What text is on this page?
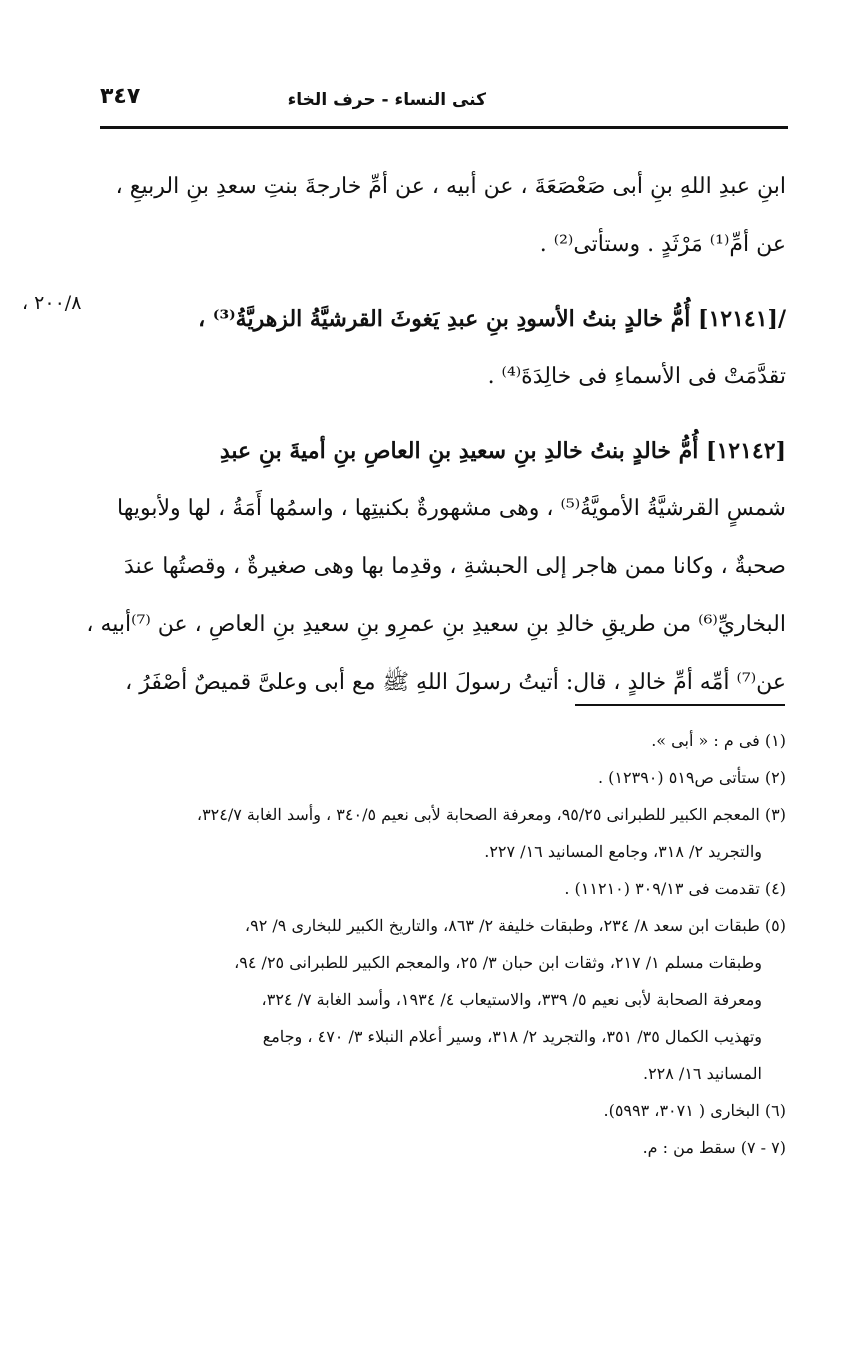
كنى النساء - حرف الخاء
٣٤٧
٢٠٠/٨ ،
ابنِ عبدِ اللهِ بنِ أبى صَعْصَعَةَ ، عن أبيه ، عن أمِّ خارجةَ بنتِ سعدِ بنِ الربيعِ ،
عن أمِّ⁽¹⁾ مَرْثَدٍ . وستأتى⁽²⁾ .
/[١٢١٤١] أُمُّ خالدٍ بنتُ الأسودِ بنِ عبدِ يَغوثَ القرشيَّةُ الزهريَّةُ⁽³⁾ ،
تقدَّمَتْ فى الأسماءِ فى خالِدَةَ⁽⁴⁾ .
[١٢١٤٢] أُمُّ خالدٍ بنتُ خالدِ بنِ سعيدِ بنِ العاصِ بنِ أميةَ بنِ عبدِ
شمسٍ القرشيَّةُ الأمويَّةُ⁽⁵⁾ ، وهى مشهورةٌ بكنيتِها ، واسمُها أَمَةُ ، لها ولأبويها
صحبةٌ ، وكانا ممن هاجر إلى الحبشةِ ، وقدِما بها وهى صغيرةٌ ، وقصتُها عندَ
البخاريِّ⁽⁶⁾ من طريقِ خالدِ بنِ سعيدِ بنِ عمرِو بنِ سعيدِ بنِ العاصِ ، عن ⁽⁷⁾أبيه ،
عن⁽⁷⁾ أمِّه أمِّ خالدٍ ، قال: أتيتُ رسولَ اللهِ ﷺ مع أبى وعلىَّ قميصٌ أصْفَرُ ،
(١) فى م : « أبى ».
(٢) ستأتى ص٥١٩ (١٢٣٩٠) .
(٣) المعجم الكبير للطبرانى ٩٥/٢٥، ومعرفة الصحابة لأبى نعيم ٣٤٠/٥ ، وأسد الغابة ٣٢٤/٧،
والتجريد ٢/ ٣١٨، وجامع المسانيد ١٦/ ٢٢٧.
(٤) تقدمت فى ٣٠٩/١٣ (١١٢١٠) .
(٥) طبقات ابن سعد ٨/ ٢٣٤، وطبقات خليفة ٢/ ٨٦٣، والتاريخ الكبير للبخارى ٩/ ٩٢،
وطبقات مسلم ١/ ٢١٧، وثقات ابن حبان ٣/ ٢٥، والمعجم الكبير للطبرانى ٢٥/ ٩٤،
ومعرفة الصحابة لأبى نعيم ٥/ ٣٣٩، والاستيعاب ٤/ ١٩٣٤، وأسد الغابة ٧/ ٣٢٤،
وتهذيب الكمال ٣٥/ ٣٥١، والتجريد ٢/ ٣١٨، وسير أعلام النبلاء ٣/ ٤٧٠ ، وجامع
المسانيد ١٦/ ٢٢٨.
(٦) البخارى ( ٣٠٧١، ٥٩٩٣).
(٧ - ٧) سقط من : م.
